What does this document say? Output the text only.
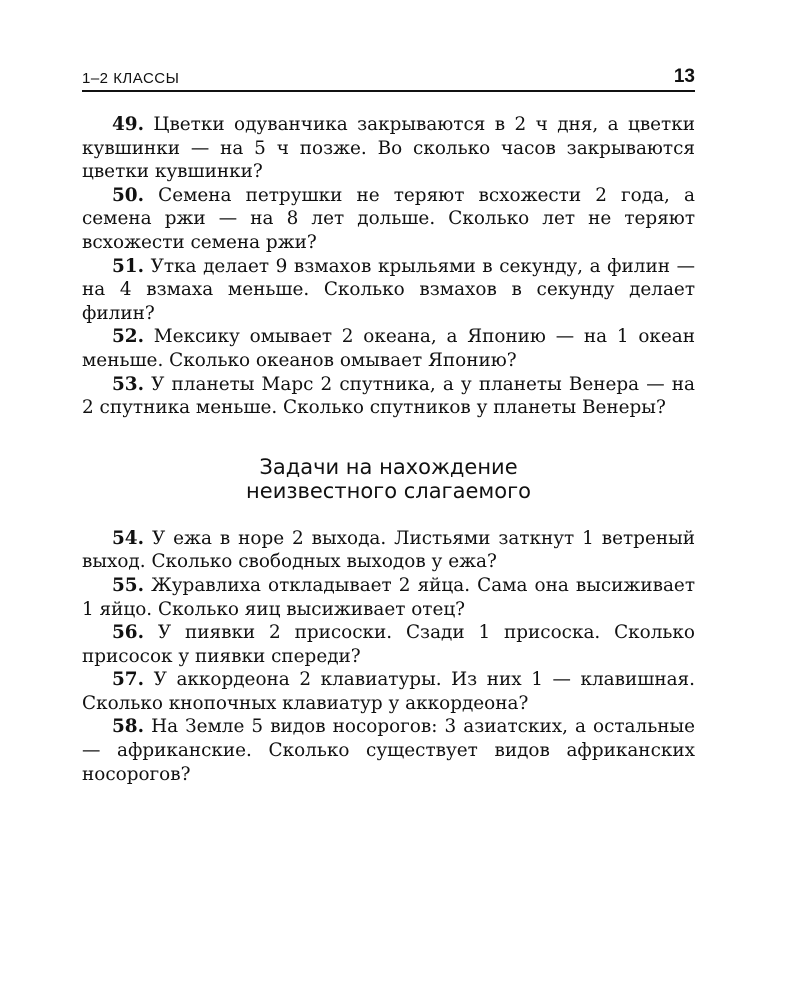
1–2 КЛАССЫ	13

49. Цветки одуванчика закрываются в 2 ч дня, а цветки кувшинки — на 5 ч позже. Во сколько часов закрываются цветки кувшинки?

50. Семена петрушки не теряют всхожести 2 года, а семена ржи — на 8 лет дольше. Сколько лет не теряют всхожести семена ржи?

51. Утка делает 9 взмахов крыльями в секунду, а филин — на 4 взмаха меньше. Сколько взмахов в секунду делает филин?

52. Мексику омывает 2 океана, а Японию — на 1 океан меньше. Сколько океанов омывает Японию?

53. У планеты Марс 2 спутника, а у планеты Венера — на 2 спутника меньше. Сколько спутников у планеты Венеры?

Задачи на нахождение
неизвестного слагаемого

54. У ежа в норе 2 выхода. Листьями заткнут 1 ветреный выход. Сколько свободных выходов у ежа?

55. Журавлиха откладывает 2 яйца. Сама она высиживает 1 яйцо. Сколько яиц высиживает отец?

56. У пиявки 2 присоски. Сзади 1 присоска. Сколько присосок у пиявки спереди?

57. У аккордеона 2 клавиатуры. Из них 1 — клавишная. Сколько кнопочных клавиатур у аккордеона?

58. На Земле 5 видов носорогов: 3 азиатских, а остальные — африканские. Сколько существует видов африканских носорогов?
